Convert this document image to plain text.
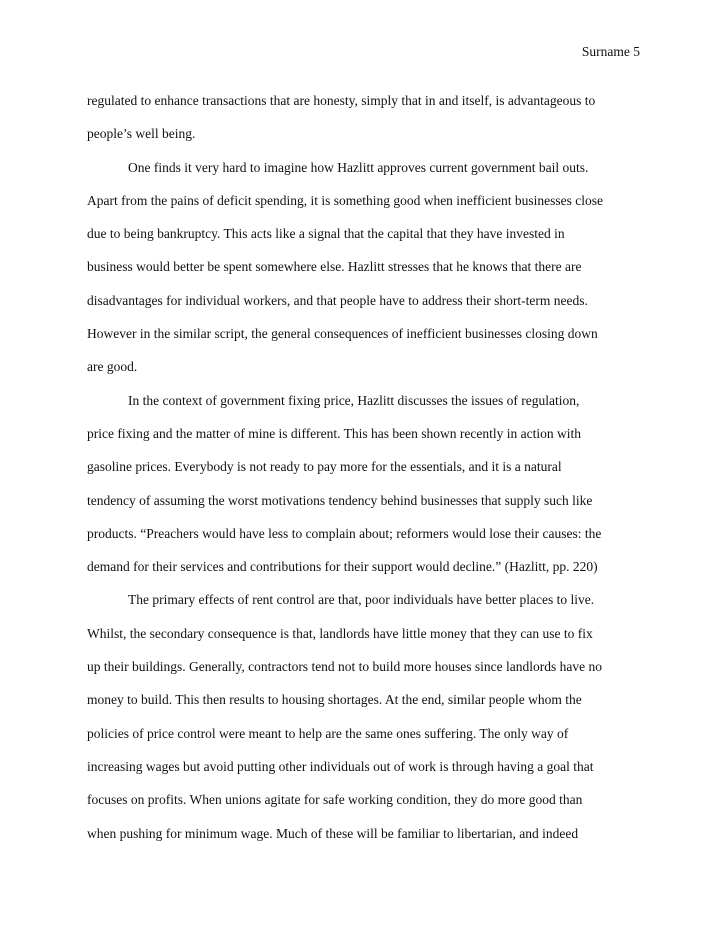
Surname 5
regulated to enhance transactions that are honesty, simply that in and itself, is advantageous to
people’s well being.
One finds it very hard to imagine how Hazlitt approves current government bail outs.
Apart from the pains of deficit spending, it is something good when inefficient businesses close
due to being bankruptcy. This acts like a signal that the capital that they have invested in
business would better be spent somewhere else. Hazlitt stresses that he knows that there are
disadvantages for individual workers, and that people have to address their short-term needs.
However in the similar script, the general consequences of inefficient businesses closing down
are good.
In the context of government fixing price, Hazlitt discusses the issues of regulation,
price fixing and the matter of mine is different. This has been shown recently in action with
gasoline prices. Everybody is not ready to pay more for the essentials, and it is a natural
tendency of assuming the worst motivations tendency behind businesses that supply such like
products. “Preachers would have less to complain about; reformers would lose their causes: the
demand for their services and contributions for their support would decline.” (Hazlitt, pp. 220)
The primary effects of rent control are that, poor individuals have better places to live.
Whilst, the secondary consequence is that, landlords have little money that they can use to fix
up their buildings. Generally, contractors tend not to build more houses since landlords have no
money to build. This then results to housing shortages. At the end, similar people whom the
policies of price control were meant to help are the same ones suffering. The only way of
increasing wages but avoid putting other individuals out of work is through having a goal that
focuses on profits. When unions agitate for safe working condition, they do more good than
when pushing for minimum wage. Much of these will be familiar to libertarian, and indeed
